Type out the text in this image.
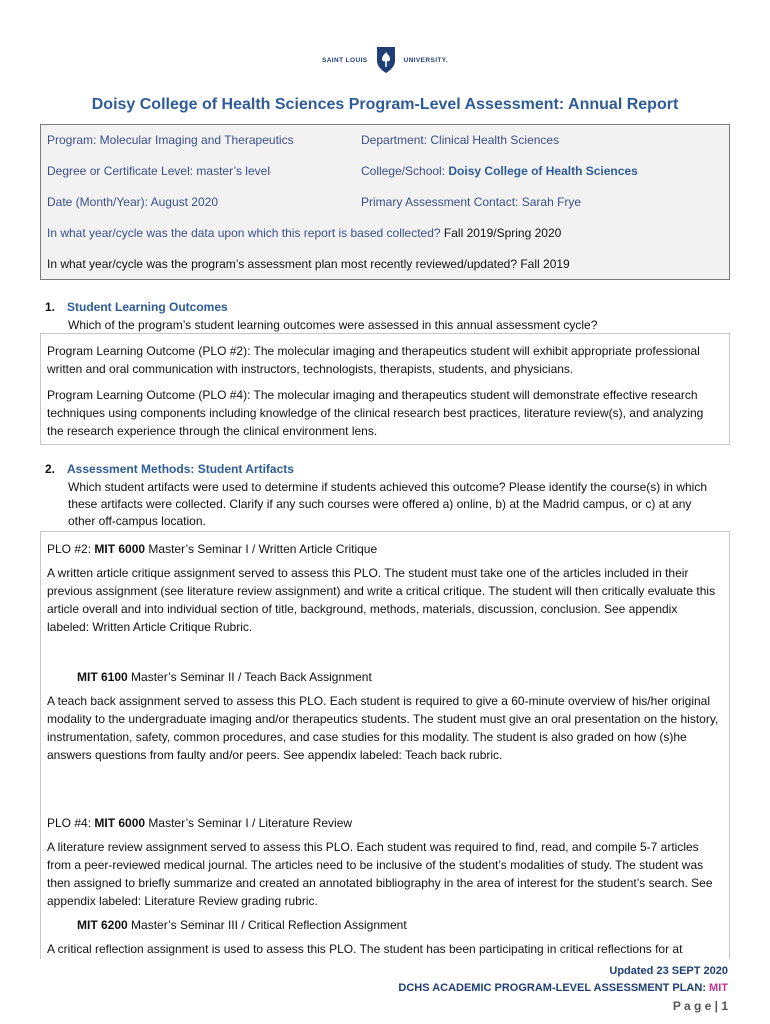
SAINT LOUIS	UNIVERSITY.
Doisy College of Health Sciences Program-Level Assessment: Annual Report
Program: Molecular Imaging and Therapeutics	Department: Clinical Health Sciences
Degree or Certificate Level: master’s level	College/School: Doisy College of Health Sciences
Date (Month/Year): August 2020	Primary Assessment Contact: Sarah Frye
In what year/cycle was the data upon which this report is based collected? Fall 2019/Spring 2020
In what year/cycle was the program’s assessment plan most recently reviewed/updated? Fall 2019
1. Student Learning Outcomes
Which of the program’s student learning outcomes were assessed in this annual assessment cycle?
Program Learning Outcome (PLO #2): The molecular imaging and therapeutics student will exhibit appropriate professional written and oral communication with instructors, technologists, therapists, students, and physicians.
Program Learning Outcome (PLO #4): The molecular imaging and therapeutics student will demonstrate effective research techniques using components including knowledge of the clinical research best practices, literature review(s), and analyzing the research experience through the clinical environment lens.
2. Assessment Methods: Student Artifacts
Which student artifacts were used to determine if students achieved this outcome? Please identify the course(s) in which these artifacts were collected. Clarify if any such courses were offered a) online, b) at the Madrid campus, or c) at any other off-campus location.
PLO #2: MIT 6000 Master’s Seminar I / Written Article Critique
A written article critique assignment served to assess this PLO. The student must take one of the articles included in their previous assignment (see literature review assignment) and write a critical critique. The student will then critically evaluate this article overall and into individual section of title, background, methods, materials, discussion, conclusion. See appendix labeled: Written Article Critique Rubric.
MIT 6100 Master’s Seminar II / Teach Back Assignment
A teach back assignment served to assess this PLO. Each student is required to give a 60-minute overview of his/her original modality to the undergraduate imaging and/or therapeutics students. The student must give an oral presentation on the history, instrumentation, safety, common procedures, and case studies for this modality. The student is also graded on how (s)he answers questions from faulty and/or peers. See appendix labeled: Teach back rubric.
PLO #4: MIT 6000 Master’s Seminar I / Literature Review
A literature review assignment served to assess this PLO. Each student was required to find, read, and compile 5-7 articles from a peer-reviewed medical journal. The articles need to be inclusive of the student’s modalities of study. The student was then assigned to briefly summarize and created an annotated bibliography in the area of interest for the student’s search. See appendix labeled: Literature Review grading rubric.
MIT 6200 Master’s Seminar III / Critical Reflection Assignment
A critical reflection assignment is used to assess this PLO. The student has been participating in critical reflections for at
Updated 23 SEPT 2020
DCHS ACADEMIC PROGRAM-LEVEL ASSESSMENT PLAN: MIT
P a g e | 1
